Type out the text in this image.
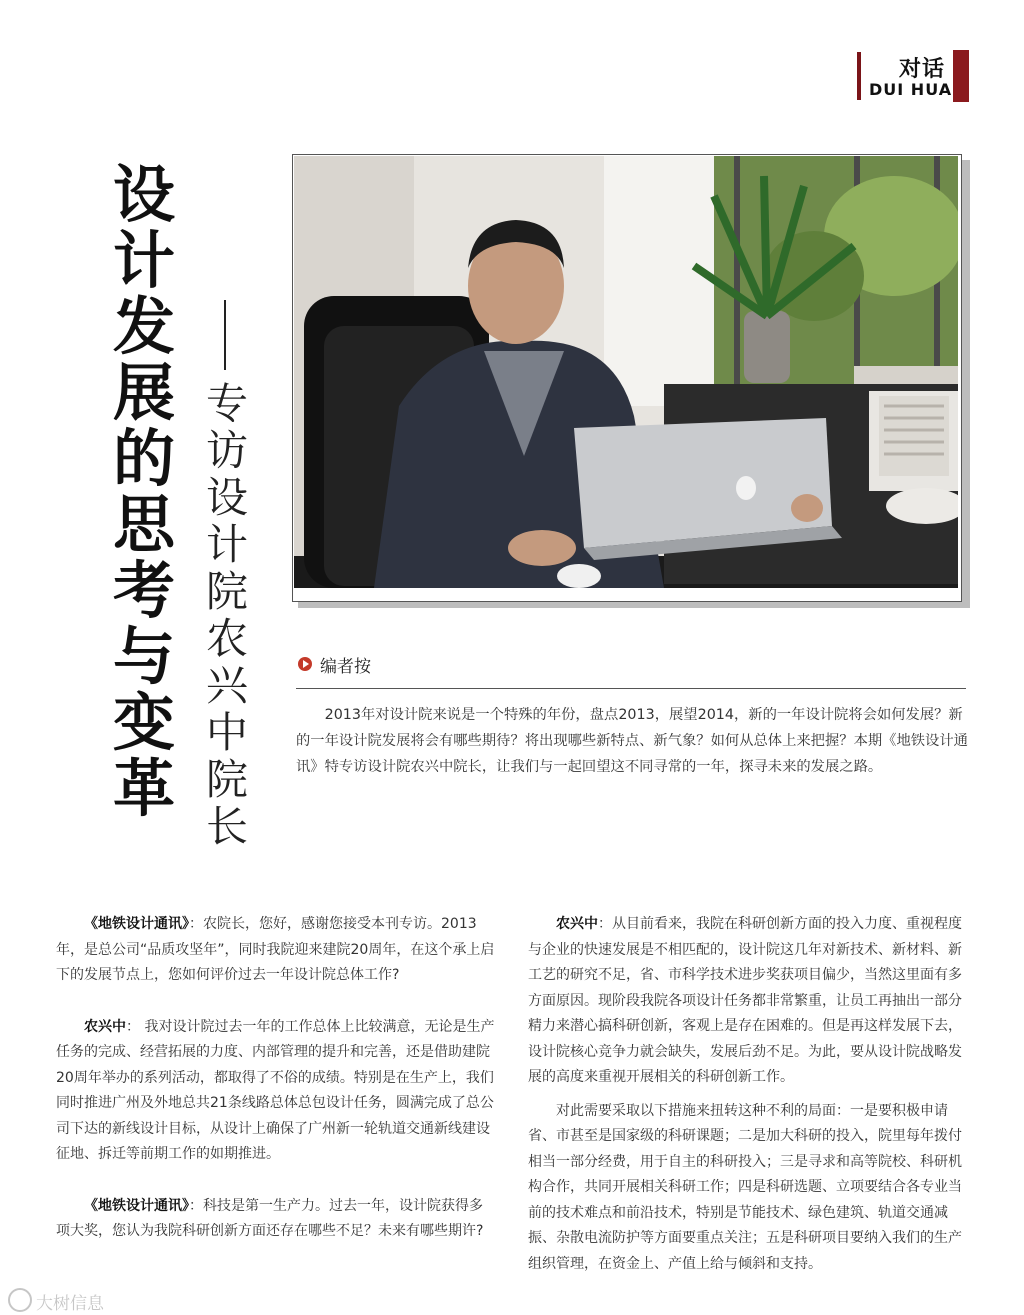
对话
DUI HUA
设计发展的思考与变革
专访设计院农兴中院长
编者按

2013年对设计院来说是一个特殊的年份，盘点2013，展望2014，新的一年设计院将会如何发展？新的一年设计院发展将会有哪些期待？将出现哪些新特点、新气象？如何从总体上来把握？本期《地铁设计通讯》特专访设计院农兴中院长，让我们与一起回望这不同寻常的一年，探寻未来的发展之路。

《地铁设计通讯》：农院长，您好，感谢您接受本刊专访。2013年，是总公司“品质攻坚年”，同时我院迎来建院20周年，在这个承上启下的发展节点上，您如何评价过去一年设计院总体工作?

农兴中： 我对设计院过去一年的工作总体上比较满意，无论是生产任务的完成、经营拓展的力度、内部管理的提升和完善，还是借助建院20周年举办的系列活动，都取得了不俗的成绩。特别是在生产上，我们同时推进广州及外地总共21条线路总体总包设计任务，圆满完成了总公司下达的新线设计目标，从设计上确保了广州新一轮轨道交通新线建设征地、拆迁等前期工作的如期推进。

《地铁设计通讯》：科技是第一生产力。过去一年，设计院获得多项大奖，您认为我院科研创新方面还存在哪些不足？未来有哪些期许?

农兴中：从目前看来，我院在科研创新方面的投入力度、重视程度与企业的快速发展是不相匹配的，设计院这几年对新技术、新材料、新工艺的研究不足，省、市科学技术进步奖获项目偏少，当然这里面有多方面原因。现阶段我院各项设计任务都非常繁重，让员工再抽出一部分精力来潜心搞科研创新，客观上是存在困难的。但是再这样发展下去，设计院核心竞争力就会缺失，发展后劲不足。为此，要从设计院战略发展的高度来重视开展相关的科研创新工作。

对此需要采取以下措施来扭转这种不利的局面：一是要积极申请省、市甚至是国家级的科研课题；二是加大科研的投入，院里每年拨付相当一部分经费，用于自主的科研投入；三是寻求和高等院校、科研机构合作，共同开展相关科研工作；四是科研选题、立项要结合各专业当前的技术难点和前沿技术，特别是节能技术、绿色建筑、轨道交通减振、杂散电流防护等方面要重点关注；五是科研项目要纳入我们的生产组织管理，在资金上、产值上给与倾斜和支持。

大树信息
